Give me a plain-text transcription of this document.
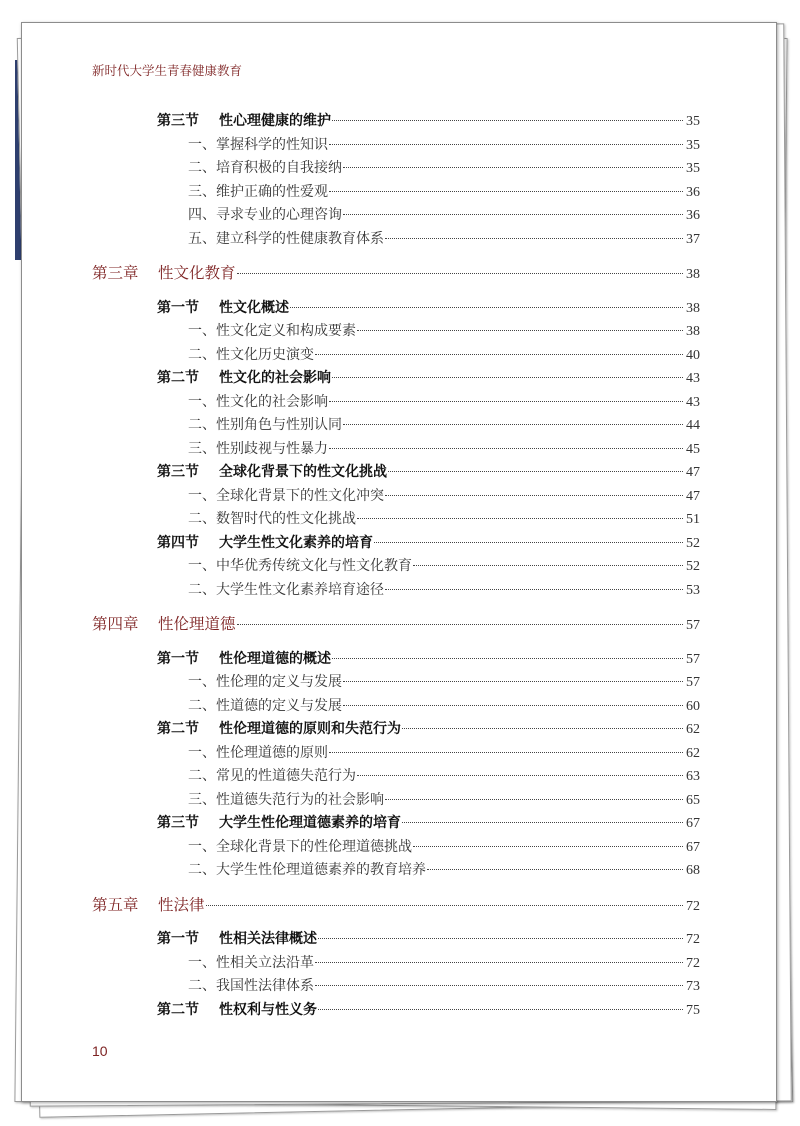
新时代大学生青春健康教育
第三节	性心理健康的维护	35
一、掌握科学的性知识	35
二、培育积极的自我接纳	35
三、维护正确的性爱观	36
四、寻求专业的心理咨询	36
五、建立科学的性健康教育体系	37
第三章	性文化教育	38
第一节	性文化概述	38
一、性文化定义和构成要素	38
二、性文化历史演变	40
第二节	性文化的社会影响	43
一、性文化的社会影响	43
二、性别角色与性别认同	44
三、性别歧视与性暴力	45
第三节	全球化背景下的性文化挑战	47
一、全球化背景下的性文化冲突	47
二、数智时代的性文化挑战	51
第四节	大学生性文化素养的培育	52
一、中华优秀传统文化与性文化教育	52
二、大学生性文化素养培育途径	53
第四章	性伦理道德	57
第一节	性伦理道德的概述	57
一、性伦理的定义与发展	57
二、性道德的定义与发展	60
第二节	性伦理道德的原则和失范行为	62
一、性伦理道德的原则	62
二、常见的性道德失范行为	63
三、性道德失范行为的社会影响	65
第三节	大学生性伦理道德素养的培育	67
一、全球化背景下的性伦理道德挑战	67
二、大学生性伦理道德素养的教育培养	68
第五章	性法律	72
第一节	性相关法律概述	72
一、性相关立法沿革	72
二、我国性法律体系	73
第二节	性权利与性义务	75
10
